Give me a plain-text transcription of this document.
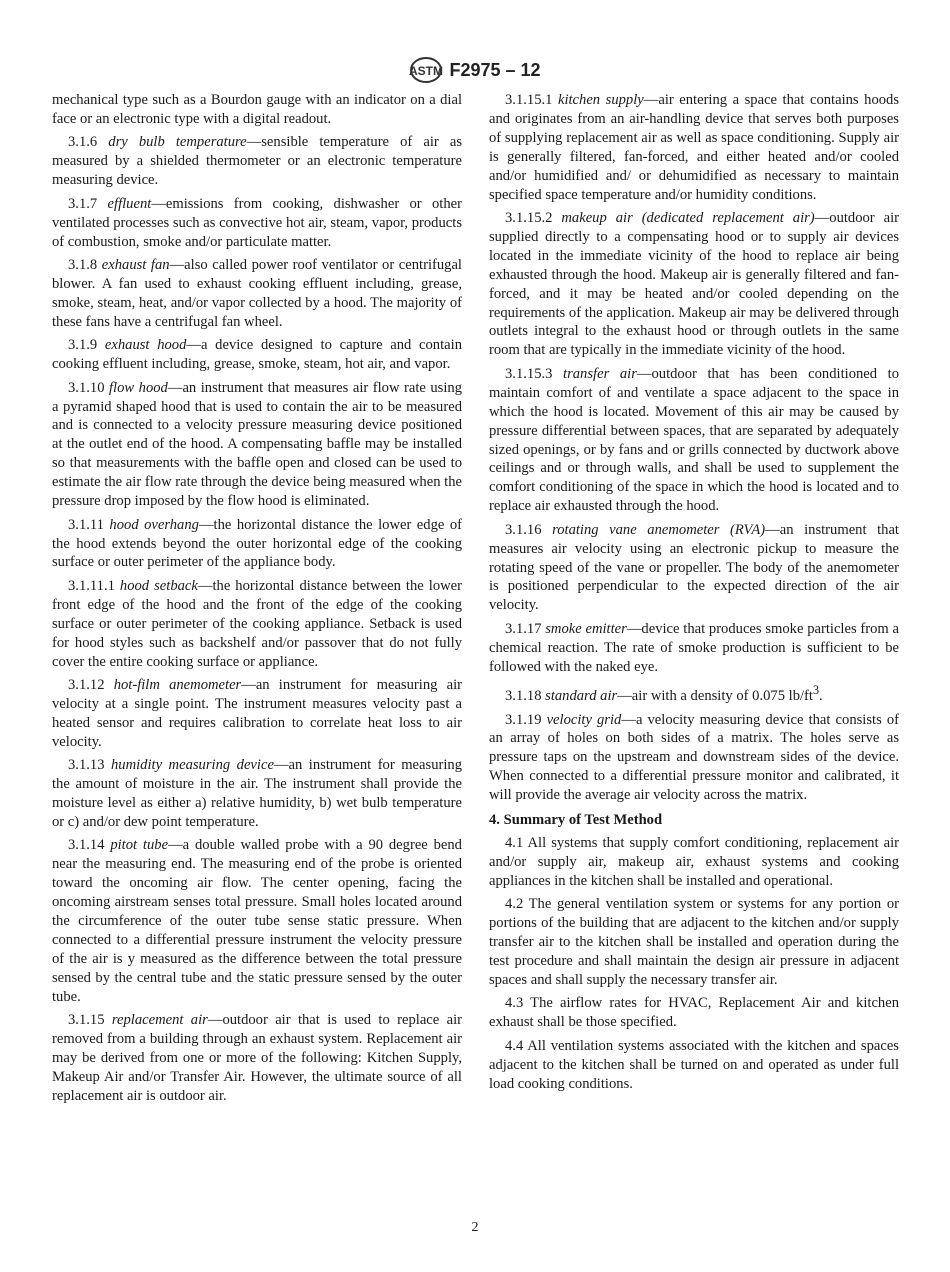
ASTM F2975 – 12

mechanical type such as a Bourdon gauge with an indicator on a dial face or an electronic type with a digital readout.

3.1.6 dry bulb temperature—sensible temperature of air as measured by a shielded thermometer or an electronic temperature measuring device.

3.1.7 effluent—emissions from cooking, dishwasher or other ventilated processes such as convective hot air, steam, vapor, products of combustion, smoke and/or particulate matter.

3.1.8 exhaust fan—also called power roof ventilator or centrifugal blower. A fan used to exhaust cooking effluent including, grease, smoke, steam, heat, and/or vapor collected by a hood. The majority of these fans have a centrifugal fan wheel.

3.1.9 exhaust hood—a device designed to capture and contain cooking effluent including, grease, smoke, steam, hot air, and vapor.

3.1.10 flow hood—an instrument that measures air flow rate using a pyramid shaped hood that is used to contain the air to be measured and is connected to a velocity pressure measuring device positioned at the outlet end of the hood. A compensating baffle may be installed so that measurements with the baffle open and closed can be used to estimate the air flow rate through the device being measured when the pressure drop imposed by the flow hood is eliminated.

3.1.11 hood overhang—the horizontal distance the lower edge of the hood extends beyond the outer horizontal edge of the cooking surface or outer perimeter of the appliance body.

3.1.11.1 hood setback—the horizontal distance between the lower front edge of the hood and the front of the edge of the cooking surface or outer perimeter of the cooking appliance. Setback is used for hood styles such as backshelf and/or passover that do not fully cover the entire cooking surface or appliance.

3.1.12 hot-film anemometer—an instrument for measuring air velocity at a single point. The instrument measures velocity past a heated sensor and requires calibration to correlate heat loss to air velocity.

3.1.13 humidity measuring device—an instrument for measuring the amount of moisture in the air. The instrument shall provide the moisture level as either a) relative humidity, b) wet bulb temperature or c) and/or dew point temperature.

3.1.14 pitot tube—a double walled probe with a 90 degree bend near the measuring end. The measuring end of the probe is oriented toward the oncoming air flow. The center opening, facing the oncoming airstream senses total pressure. Small holes located around the circumference of the outer tube sense static pressure. When connected to a differential pressure instrument the velocity pressure of the air is y measured as the difference between the total pressure sensed by the central tube and the static pressure sensed by the outer tube.

3.1.15 replacement air—outdoor air that is used to replace air removed from a building through an exhaust system. Replacement air may be derived from one or more of the following: Kitchen Supply, Makeup Air and/or Transfer Air. However, the ultimate source of all replacement air is outdoor air.

3.1.15.1 kitchen supply—air entering a space that contains hoods and originates from an air-handling device that serves both purposes of supplying replacement air as well as space conditioning. Supply air is generally filtered, fan-forced, and either heated and/or cooled and/or humidified and/ or dehumidified as necessary to maintain specified space temperature and/or humidity conditions.

3.1.15.2 makeup air (dedicated replacement air)—outdoor air supplied directly to a compensating hood or to supply air devices located in the immediate vicinity of the hood to replace air being exhausted through the hood. Makeup air is generally filtered and fan-forced, and it may be heated and/or cooled depending on the requirements of the application. Makeup air may be delivered through outlets integral to the exhaust hood or through outlets in the same room that are typically in the immediate vicinity of the hood.

3.1.15.3 transfer air—outdoor that has been conditioned to maintain comfort of and ventilate a space adjacent to the space in which the hood is located. Movement of this air may be caused by pressure differential between spaces, that are separated by adequately sized openings, or by fans and or grills connected by ductwork above ceilings and or through walls, and shall be used to supplement the comfort conditioning of the space in which the hood is located and to replace air exhausted through the hood.

3.1.16 rotating vane anemometer (RVA)—an instrument that measures air velocity using an electronic pickup to measure the rotating speed of the vane or propeller. The body of the anemometer is positioned perpendicular to the expected direction of the air velocity.

3.1.17 smoke emitter—device that produces smoke particles from a chemical reaction. The rate of smoke production is sufficient to be followed with the naked eye.

3.1.18 standard air—air with a density of 0.075 $lb/ft^3$.

3.1.19 velocity grid—a velocity measuring device that consists of an array of holes on both sides of a matrix. The holes serve as pressure taps on the upstream and downstream sides of the device. When connected to a differential pressure monitor and calibrated, it will provide the average air velocity across the matrix.

4. Summary of Test Method

4.1 All systems that supply comfort conditioning, replacement air and/or supply air, makeup air, exhaust systems and cooking appliances in the kitchen shall be installed and operational.

4.2 The general ventilation system or systems for any portion or portions of the building that are adjacent to the kitchen and/or supply transfer air to the kitchen shall be installed and operation during the test procedure and shall maintain the design air pressure in adjacent spaces and shall supply the necessary transfer air.

4.3 The airflow rates for HVAC, Replacement Air and kitchen exhaust shall be those specified.

4.4 All ventilation systems associated with the kitchen and spaces adjacent to the kitchen shall be turned on and operated as under full load cooking conditions.

2
